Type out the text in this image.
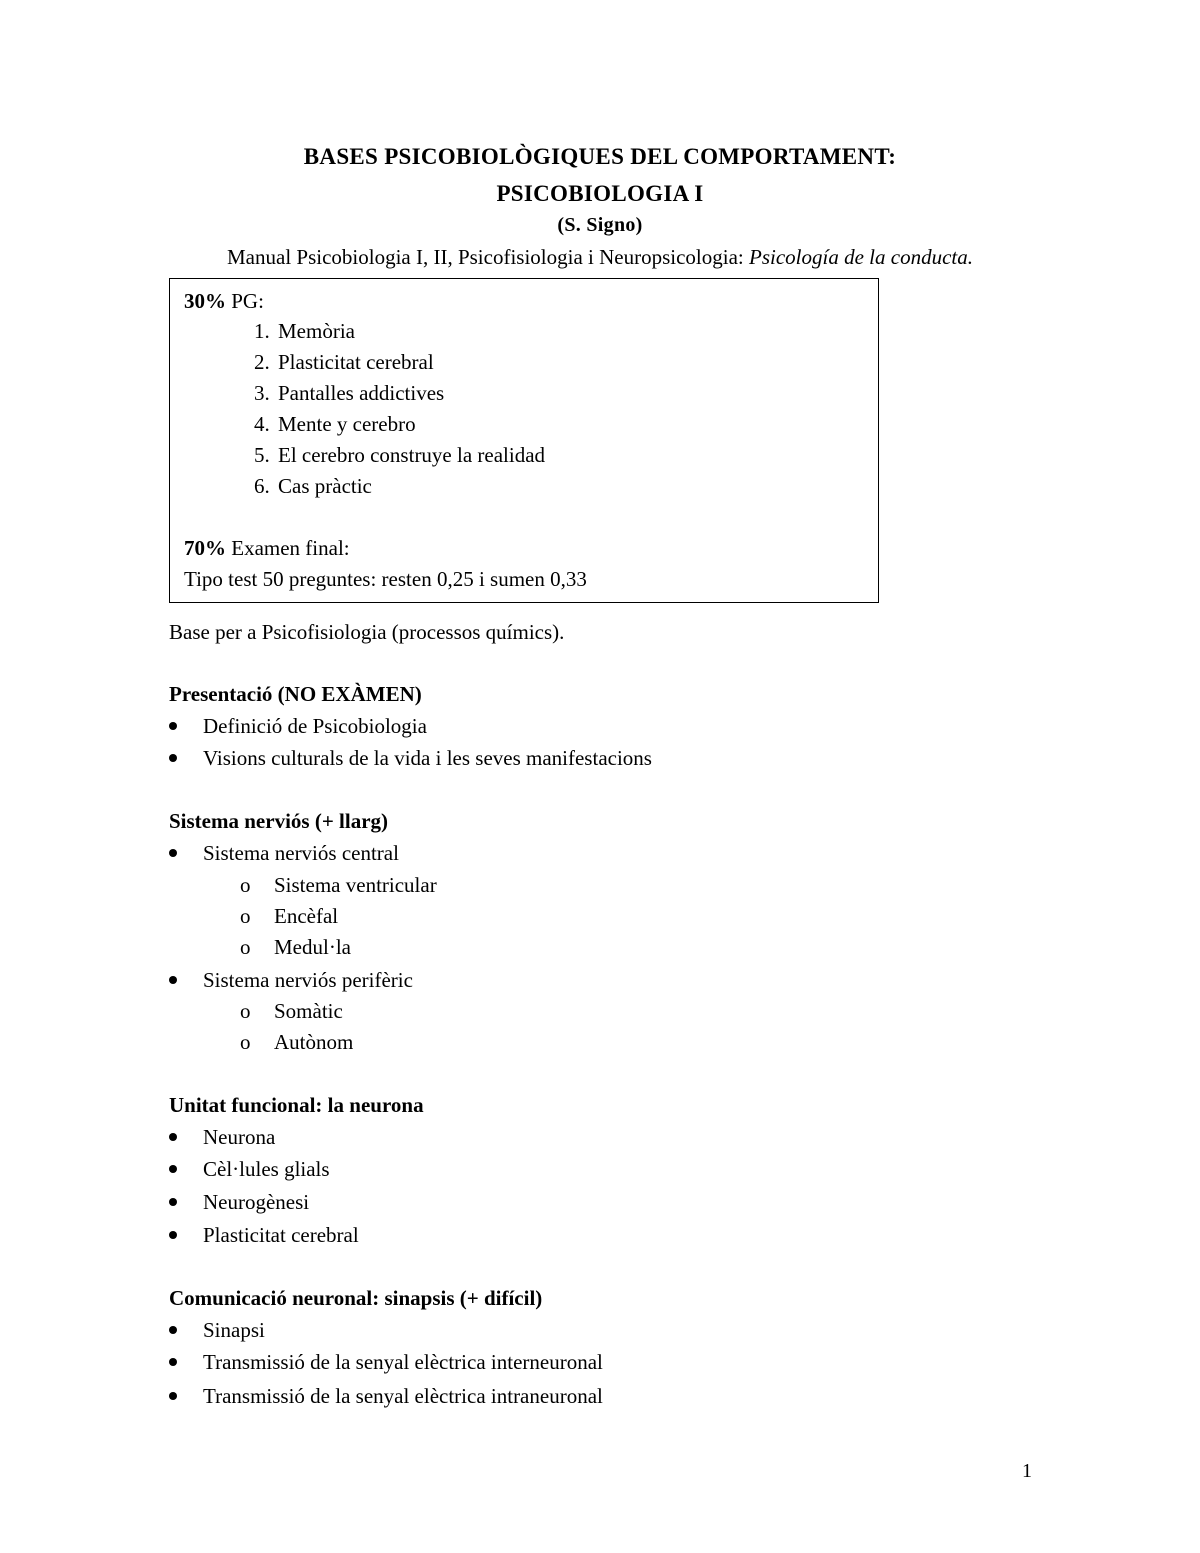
BASES PSICOBIOLÒGIQUES DEL COMPORTAMENT:
PSICOBIOLOGIA I
(S. Signo)
Manual Psicobiologia I, II, Psicofisiologia i Neuropsicologia: Psicología de la conducta.
30% PG:
1. Memòria
2. Plasticitat cerebral
3. Pantalles addictives
4. Mente y cerebro
5. El cerebro construye la realidad
6. Cas pràctic
70% Examen final:
Tipo test 50 preguntes: resten 0,25 i sumen 0,33
Base per a Psicofisiologia (processos químics).
Presentació (NO EXÀMEN)
Definició de Psicobiologia
Visions culturals de la vida i les seves manifestacions
Sistema nerviós (+ llarg)
Sistema nerviós central
o Sistema ventricular
o Encèfal
o Medul·la
Sistema nerviós perifèric
o Somàtic
o Autònom
Unitat funcional: la neurona
Neurona
Cèl·lules glials
Neurogènesi
Plasticitat cerebral
Comunicació neuronal: sinapsis (+ difícil)
Sinapsi
Transmissió de la senyal elèctrica interneuronal
Transmissió de la senyal elèctrica intraneuronal
1
